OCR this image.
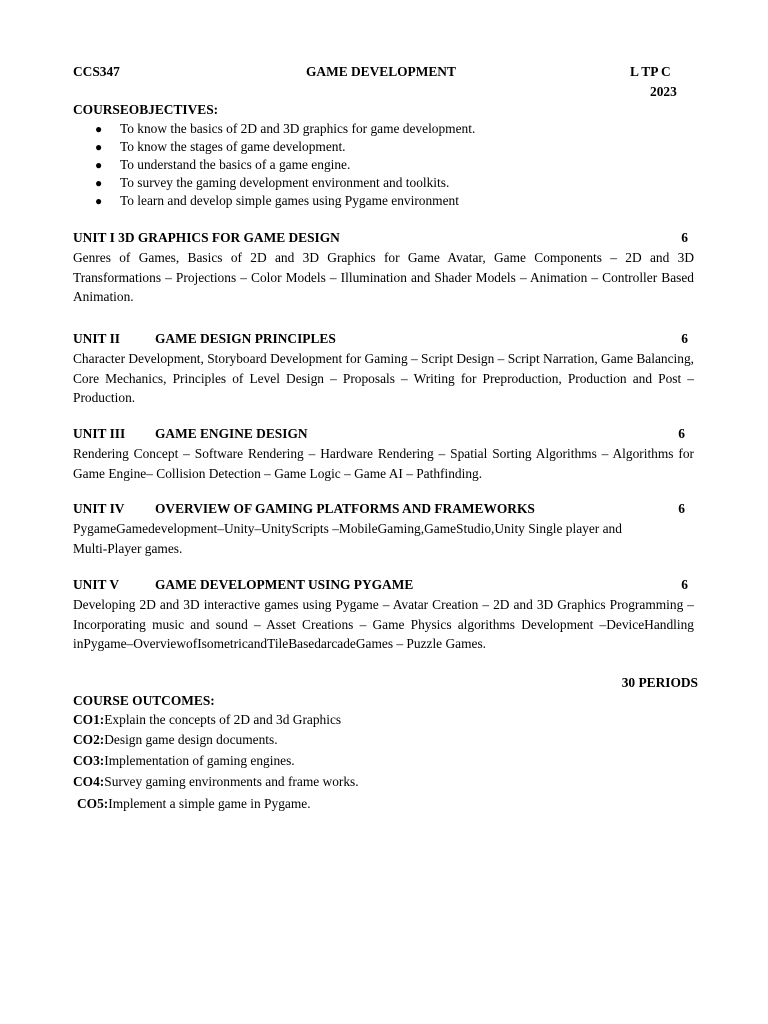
CCS347	GAME DEVELOPMENT	L TP C
2023
COURSEOBJECTIVES:
● To know the basics of 2D and 3D graphics for game development.
● To know the stages of game development.
● To understand the basics of a game engine.
● To survey the gaming development environment and toolkits.
● To learn and develop simple games using Pygame environment
UNIT I 3D GRAPHICS FOR GAME DESIGN	6
Genres of Games, Basics of 2D and 3D Graphics for Game Avatar, Game Components – 2D and 3D Transformations – Projections – Color Models – Illumination and Shader Models – Animation – Controller Based Animation.
UNIT II	GAME DESIGN PRINCIPLES	6
Character Development, Storyboard Development for Gaming – Script Design – Script Narration, Game Balancing, Core Mechanics, Principles of Level Design – Proposals – Writing for Preproduction, Production and Post – Production.
UNIT III GAME ENGINE DESIGN	6
Rendering Concept – Software Rendering – Hardware Rendering – Spatial Sorting Algorithms – Algorithms for Game Engine– Collision Detection – Game Logic – Game AI – Pathfinding.
UNIT IV OVERVIEW OF GAMING PLATFORMS AND FRAMEWORKS	6
PygameGamedevelopment–Unity–UnityScripts –MobileGaming,GameStudio,Unity Single player and Multi-Player games.
UNIT V	GAME DEVELOPMENT USING PYGAME	6
Developing 2D and 3D interactive games using Pygame – Avatar Creation – 2D and 3D Graphics Programming – Incorporating music and sound – Asset Creations – Game Physics algorithms Development –DeviceHandling inPygame–OverviewofIsometricandTileBasedarcadeGames – Puzzle Games.
30 PERIODS
COURSE OUTCOMES:
CO1:Explain the concepts of 2D and 3d Graphics
CO2:Design game design documents.
CO3:Implementation of gaming engines.
CO4:Survey gaming environments and frame works.
CO5:Implement a simple game in Pygame.
